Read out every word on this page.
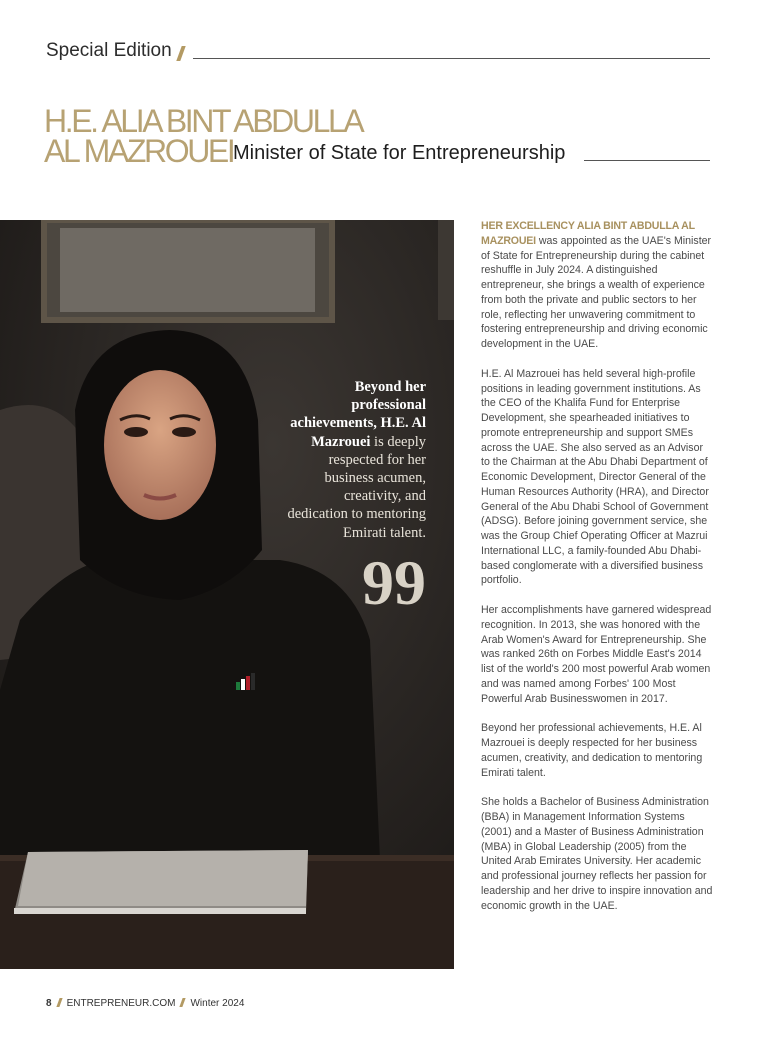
Special Edition
H.E. ALIA BINT ABDULLA
AL MAZROUEI Minister of State for Entrepreneurship
Beyond her professional achievements, H.E. Al Mazrouei is deeply respected for her business acumen, creativity, and dedication to mentoring Emirati talent.
99

HER EXCELLENCY ALIA BINT ABDULLA AL MAZROUEI was appointed as the UAE's Minister of State for Entrepreneurship during the cabinet reshuffle in July 2024. A distinguished entrepreneur, she brings a wealth of experience from both the private and public sectors to her role, reflecting her unwavering commitment to fostering entrepreneurship and driving economic development in the UAE.

H.E. Al Mazrouei has held several high-profile positions in leading government institutions. As the CEO of the Khalifa Fund for Enterprise Development, she spearheaded initiatives to promote entrepreneurship and support SMEs across the UAE. She also served as an Advisor to the Chairman at the Abu Dhabi Department of Economic Development, Director General of the Human Resources Authority (HRA), and Director General of the Abu Dhabi School of Government (ADSG). Before joining government service, she was the Group Chief Operating Officer at Mazrui International LLC, a family-founded Abu Dhabi-based conglomerate with a diversified business portfolio.

Her accomplishments have garnered widespread recognition. In 2013, she was honored with the Arab Women's Award for Entrepreneurship. She was ranked 26th on Forbes Middle East's 2014 list of the world's 200 most powerful Arab women and was named among Forbes' 100 Most Powerful Arab Businesswomen in 2017.

Beyond her professional achievements, H.E. Al Mazrouei is deeply respected for her business acumen, creativity, and dedication to mentoring Emirati talent.

She holds a Bachelor of Business Administration (BBA) in Management Information Systems (2001) and a Master of Business Administration (MBA) in Global Leadership (2005) from the United Arab Emirates University. Her academic and professional journey reflects her passion for leadership and her drive to inspire innovation and economic growth in the UAE.

8 ENTREPRENEUR.COM Winter 2024
